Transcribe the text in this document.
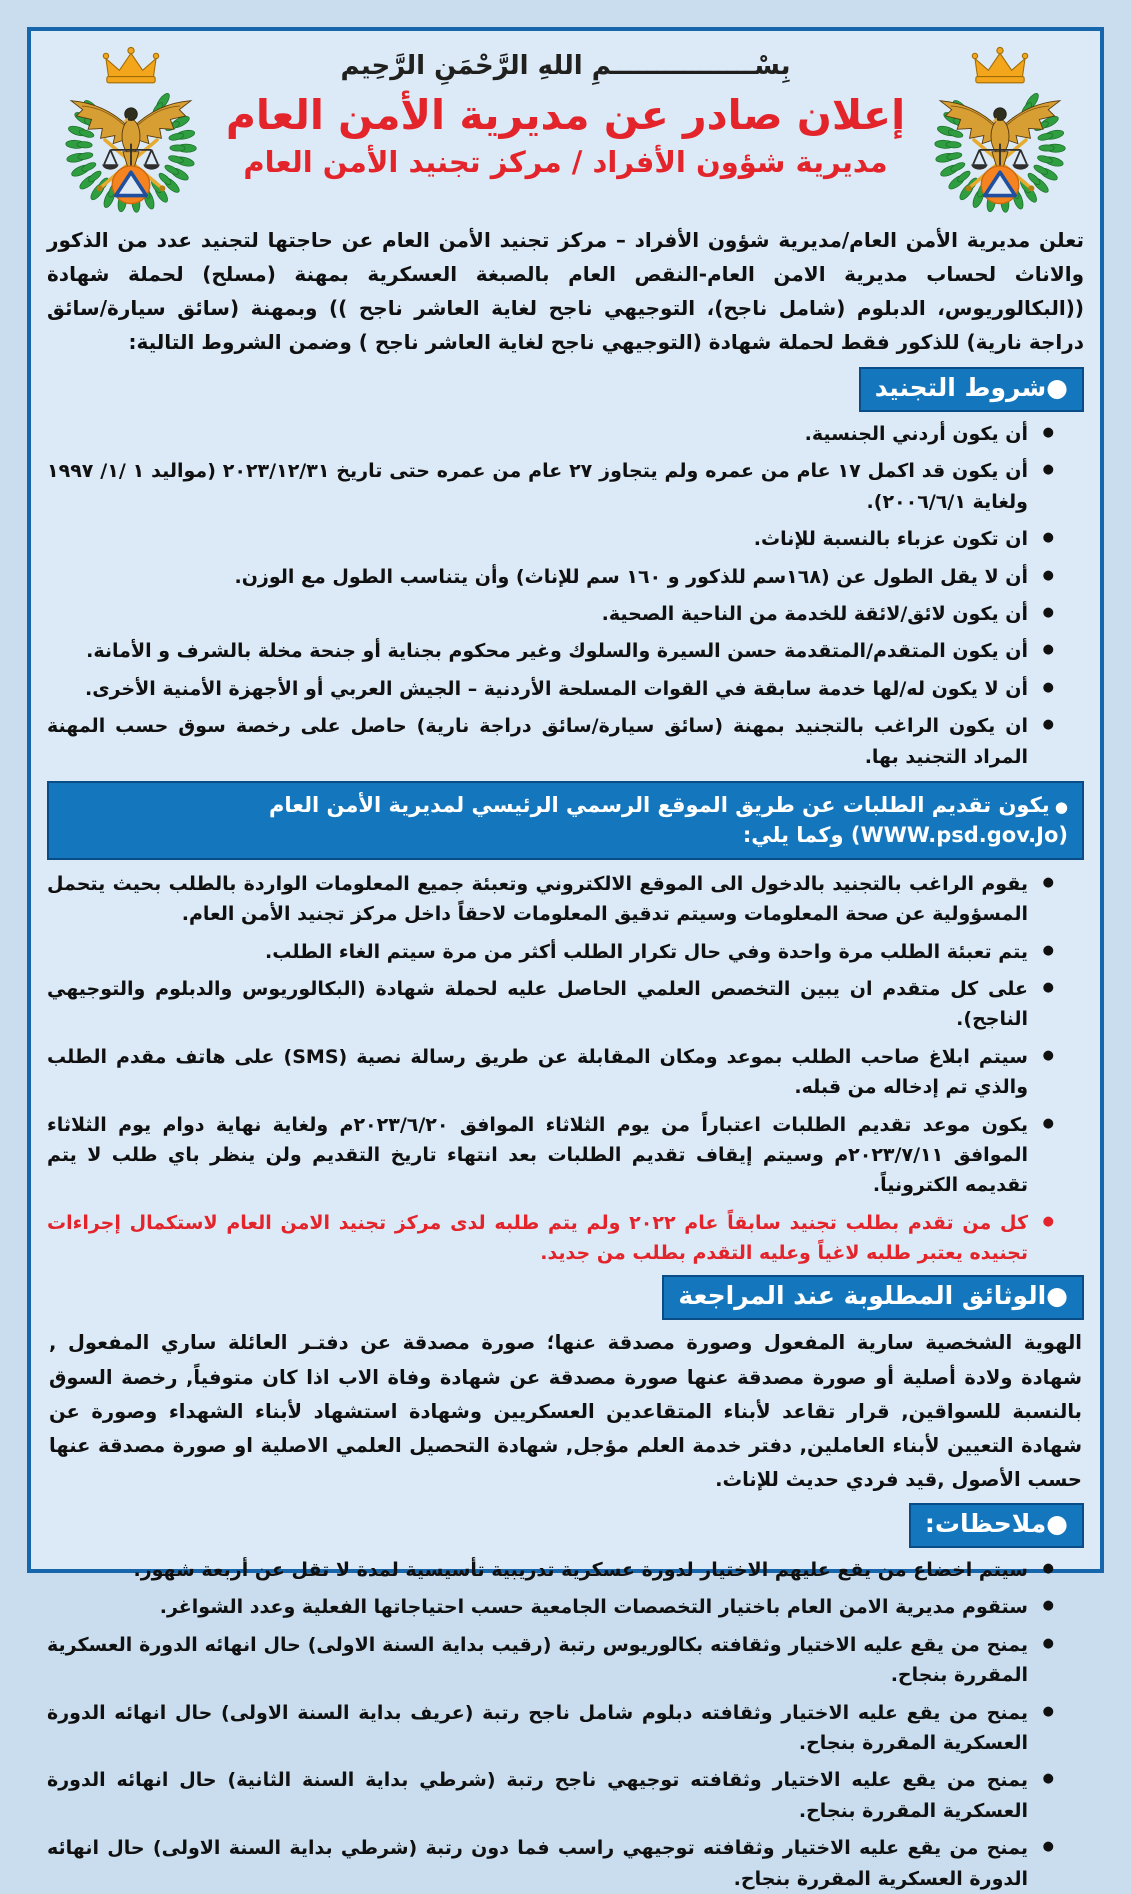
بِسْــــــــــــــــمِ اللهِ الرَّحْمَنِ الرَّحِيم
إعلان صادر عن مديرية الأمن العام
مديرية شؤون الأفراد / مركز تجنيد الأمن العام

تعلن مديرية الأمن العام/مديرية شؤون الأفراد – مركز تجنيد الأمن العام عن حاجتها لتجنيد عدد من الذكور والاناث لحساب مديرية الامن العام-النقص العام بالصبغة العسكرية بمهنة (مسلح) لحملة شهادة ((البكالوريوس، الدبلوم (شامل ناجح)، التوجيهي ناجح لغاية العاشر ناجح )) وبمهنة (سائق سيارة/سائق دراجة نارية) للذكور فقط لحملة شهادة (التوجيهي ناجح لغاية العاشر ناجح ) وضمن الشروط التالية:

●شروط التجنيد
● أن يكون أردني الجنسية.
● أن يكون قد اكمل ١٧ عام من عمره ولم يتجاوز ٢٧ عام من عمره حتى تاريخ ٢٠٢٣/١٢/٣١ (مواليد ١ /١/ ١٩٩٧ ولغاية ٢٠٠٦/٦/١).
● ان تكون عزباء بالنسبة للإناث.
● أن لا يقل الطول عن (١٦٨سم للذكور و ١٦٠ سم للإناث) وأن يتناسب الطول مع الوزن.
● أن يكون لائق/لائقة للخدمة من الناحية الصحية.
● أن يكون المتقدم/المتقدمة حسن السيرة والسلوك وغير محكوم بجناية أو جنحة مخلة بالشرف و الأمانة.
● أن لا يكون له/لها خدمة سابقة في القوات المسلحة الأردنية – الجيش العربي أو الأجهزة الأمنية الأخرى.
● ان يكون الراغب بالتجنيد بمهنة (سائق سيارة/سائق دراجة نارية) حاصل على رخصة سوق حسب المهنة المراد التجنيد بها.
● يكون تقديم الطلبات عن طريق الموقع الرسمي الرئيسي لمديرية الأمن العام (WWW.psd.gov.Jo) وكما يلي:
● يقوم الراغب بالتجنيد بالدخول الى الموقع الالكتروني وتعبئة جميع المعلومات الواردة بالطلب بحيث يتحمل المسؤولية عن صحة المعلومات وسيتم تدقيق المعلومات لاحقاً داخل مركز تجنيد الأمن العام.
● يتم تعبئة الطلب مرة واحدة وفي حال تكرار الطلب أكثر من مرة سيتم الغاء الطلب.
● على كل متقدم ان يبين التخصص العلمي الحاصل عليه لحملة شهادة (البكالوريوس والدبلوم والتوجيهي الناجح).
● سيتم ابلاغ صاحب الطلب بموعد ومكان المقابلة عن طريق رسالة نصية (SMS) على هاتف مقدم الطلب والذي تم إدخاله من قبله.
● يكون موعد تقديم الطلبات اعتباراً من يوم الثلاثاء الموافق ٢٠٢٣/٦/٢٠م ولغاية نهاية دوام يوم الثلاثاء الموافق ٢٠٢٣/٧/١١م وسيتم إيقاف تقديم الطلبات بعد انتهاء تاريخ التقديم ولن ينظر باي طلب لا يتم تقديمه الكترونياً.
● كل من تقدم بطلب تجنيد سابقاً عام ٢٠٢٢ ولم يتم طلبه لدى مركز تجنيد الامن العام لاستكمال إجراءات تجنيده يعتبر طلبه لاغياً وعليه التقدم بطلب من جديد.
●الوثائق المطلوبة عند المراجعة

الهوية الشخصية سارية المفعول وصورة مصدقة عنها؛ صورة مصدقة عن دفتـر العائلة ساري المفعول , شهادة ولادة أصلية أو صورة مصدقة عنها صورة مصدقة عن شهادة وفاة الاب اذا كان متوفياً, رخصة السوق بالنسبة للسواقين, قرار تقاعد لأبناء المتقاعدين العسكريين وشهادة استشهاد لأبناء الشهداء وصورة عن شهادة التعيين لأبناء العاملين, دفتر خدمة العلم مؤجل, شهادة التحصيل العلمي الاصلية او صورة مصدقة عنها حسب الأصول ,قيد فردي حديث للإناث.

●ملاحظات:
● سيتم اخضاع من يقع عليهم الاختيار لدورة عسكرية تدريبية تأسيسية لمدة لا تقل عن أربعة شهور.
● ستقوم مديرية الامن العام باختيار التخصصات الجامعية حسب احتياجاتها الفعلية وعدد الشواغر.
● يمنح من يقع عليه الاختيار وثقافته بكالوريوس رتبة (رقيب بداية السنة الاولى) حال انهائه الدورة العسكرية المقررة بنجاح.
● يمنح من يقع عليه الاختيار وثقافته دبلوم شامل ناجح رتبة (عريف بداية السنة الاولى) حال انهائه الدورة العسكرية المقررة بنجاح.
● يمنح من يقع عليه الاختيار وثقافته توجيهي ناجح رتبة (شرطي بداية السنة الثانية) حال انهائه الدورة العسكرية المقررة بنجاح.
● يمنح من يقع عليه الاختيار وثقافته توجيهي راسب فما دون رتبة (شرطي بداية السنة الاولى) حال انهائه الدورة العسكرية المقررة بنجاح.
